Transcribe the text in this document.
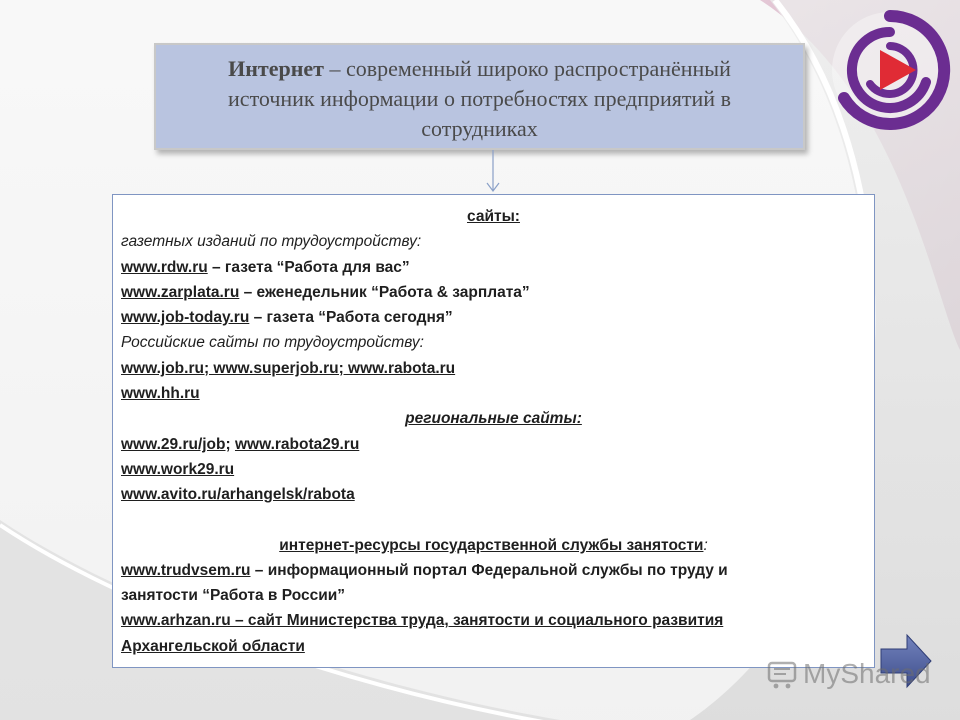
Интернет – современный широко распространённый
источник информации о потребностях предприятий в
сотрудниках
сайты:
газетных изданий по трудоустройству:
www.rdw.ru – газета “Работа для вас”
www.zarplata.ru – еженедельник “Работа & зарплата”
www.job-today.ru – газета “Работа сегодня”
Российские сайты по трудоустройству:
www.job.ru; www.superjob.ru; www.rabota.ru
www.hh.ru
региональные сайты:
www.29.ru/job; www.rabota29.ru
www.work29.ru
www.avito.ru/arhangelsk/rabota
интернет-ресурсы государственной службы занятости:
www.trudvsem.ru – информационный портал Федеральной службы по труду и
занятости “Работа в России”
www.arhzan.ru – сайт Министерства труда, занятости и социального развития
Архангельской области
MyShared
